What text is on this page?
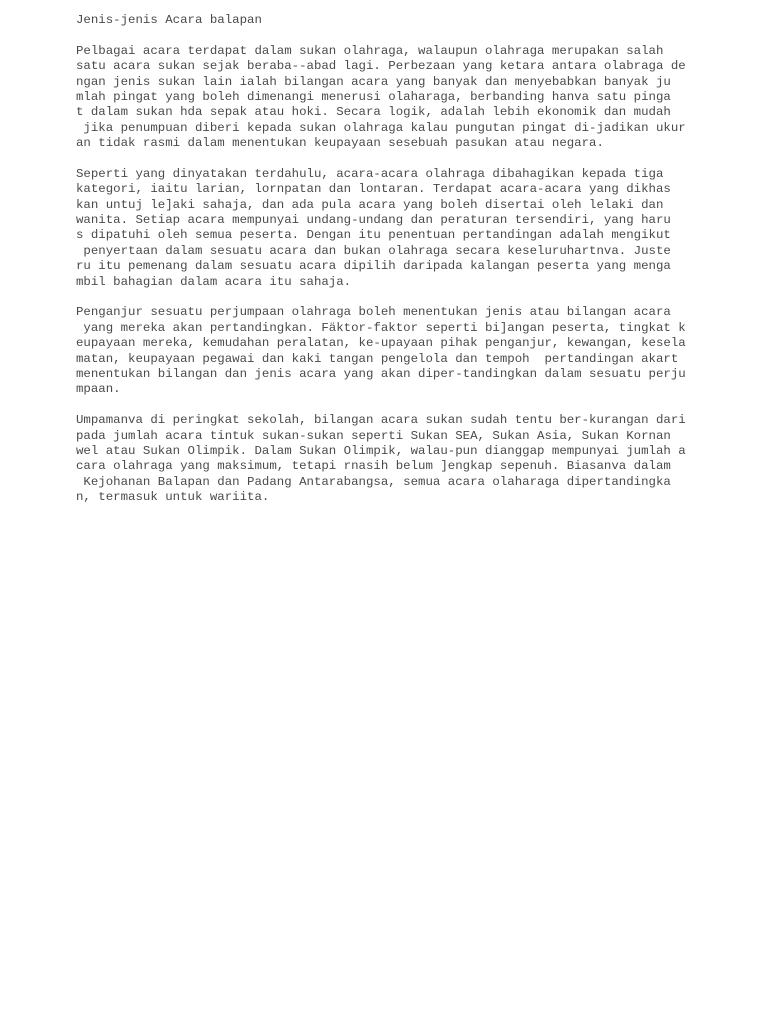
Jenis-jenis Acara balapan
Pelbagai acara terdapat dalam sukan olahraga, walaupun olahraga merupakan salah
satu acara sukan sejak beraba--abad lagi. Perbezaan yang ketara antara olabraga de
ngan jenis sukan lain ialah bilangan acara yang banyak dan menyebabkan banyak ju
mlah pingat yang boleh dimenangi menerusi olaharaga, berbanding hanva satu pinga
t dalam sukan hda sepak atau hoki. Secara logik, adalah lebih ekonomik dan mudah
jika penumpuan diberi kepada sukan olahraga kalau pungutan pingat di-jadikan ukur
an tidak rasmi dalam menentukan keupayaan sesebuah pasukan atau negara.
Seperti yang dinyatakan terdahulu, acara-acara olahraga dibahagikan kepada tiga
kategori, iaitu larian, lornpatan dan lontaran. Terdapat acara-acara yang dikhas
kan untuj le]aki sahaja, dan ada pula acara yang boleh disertai oleh lelaki dan
wanita. Setiap acara mempunyai undang-undang dan peraturan tersendiri, yang haru
s dipatuhi oleh semua peserta. Dengan itu penentuan pertandingan adalah mengikut
penyertaan dalam sesuatu acara dan bukan olahraga secara keseluruhartnva. Juste
ru itu pemenang dalam sesuatu acara dipilih daripada kalangan peserta yang menga
mbil bahagian dalam acara itu sahaja.
Penganjur sesuatu perjumpaan olahraga boleh menentukan jenis atau bilangan acara
yang mereka akan pertandingkan. Fäktor-faktor seperti bi]angan peserta, tingkat k
eupayaan mereka, kemudahan peralatan, ke-upayaan pihak penganjur, kewangan, kesela
matan, keupayaan pegawai dan kaki tangan pengelola dan tempoh  pertandingan akart
menentukan bilangan dan jenis acara yang akan diper-tandingkan dalam sesuatu perju
mpaan.
Umpamanva di peringkat sekolah, bilangan acara sukan sudah tentu ber-kurangan dari
pada jumlah acara tintuk sukan-sukan seperti Sukan SEA, Sukan Asia, Sukan Kornan
wel atau Sukan Olimpik. Dalam Sukan Olimpik, walau-pun dianggap mempunyai jumlah a
cara olahraga yang maksimum, tetapi rnasih belum ]engkap sepenuh. Biasanva dalam
Kejohanan Balapan dan Padang Antarabangsa, semua acara olaharaga dipertandingka
n, termasuk untuk wariita.
